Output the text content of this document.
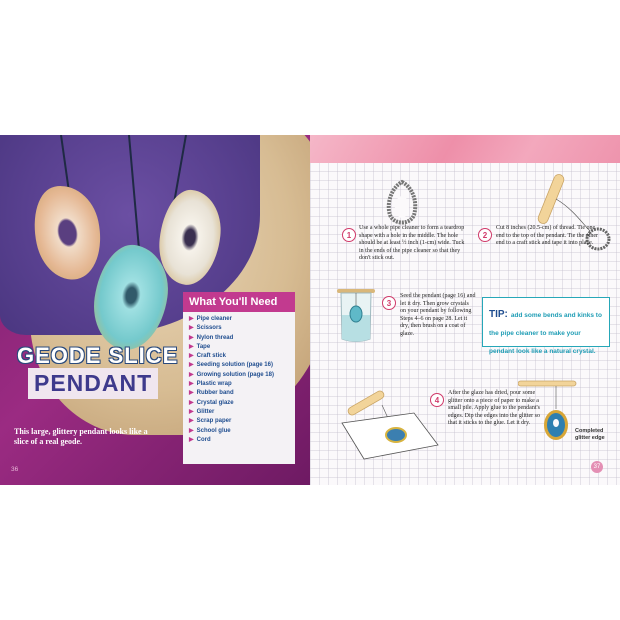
What You'll Need
▶ Pipe cleaner
▶ Scissors
▶ Nylon thread
▶ Tape
▶ Craft stick
▶ Seeding solution (page 16)
▶ Growing solution (page 18)
▶ Plastic wrap
▶ Rubber band
▶ Crystal glaze
▶ Glitter
▶ Scrap paper
▶ School glue
▶ Cord
GEODE SLICE
PENDANT
This large, glittery pendant looks like a slice of a real geode.
36
1
Use a whole pipe cleaner to form a teardrop shape with a hole in the middle. The hole should be at least ½ inch (1-cm) wide. Tuck in the ends of the pipe cleaner so that they don't stick out.
2
Cut 8 inches (20.5-cm) of thread. Tie one end to the top of the pendant. Tie the other end to a craft stick and tape it into place.
3
Seed the pendant (page 16) and let it dry. Then grow crystals on your pendant by following Steps 4–6 on page 28. Let it dry, then brush on a coat of glaze.
TIP: add some bends and kinks to the pipe cleaner to make your pendant look like a natural crystal.
4
After the glaze has dried, pour some glitter onto a piece of paper to make a small pile. Apply glue to the pendant's edges. Dip the edges into the glitter so that it sticks to the glue. Let it dry.
Completed glitter edge
37
